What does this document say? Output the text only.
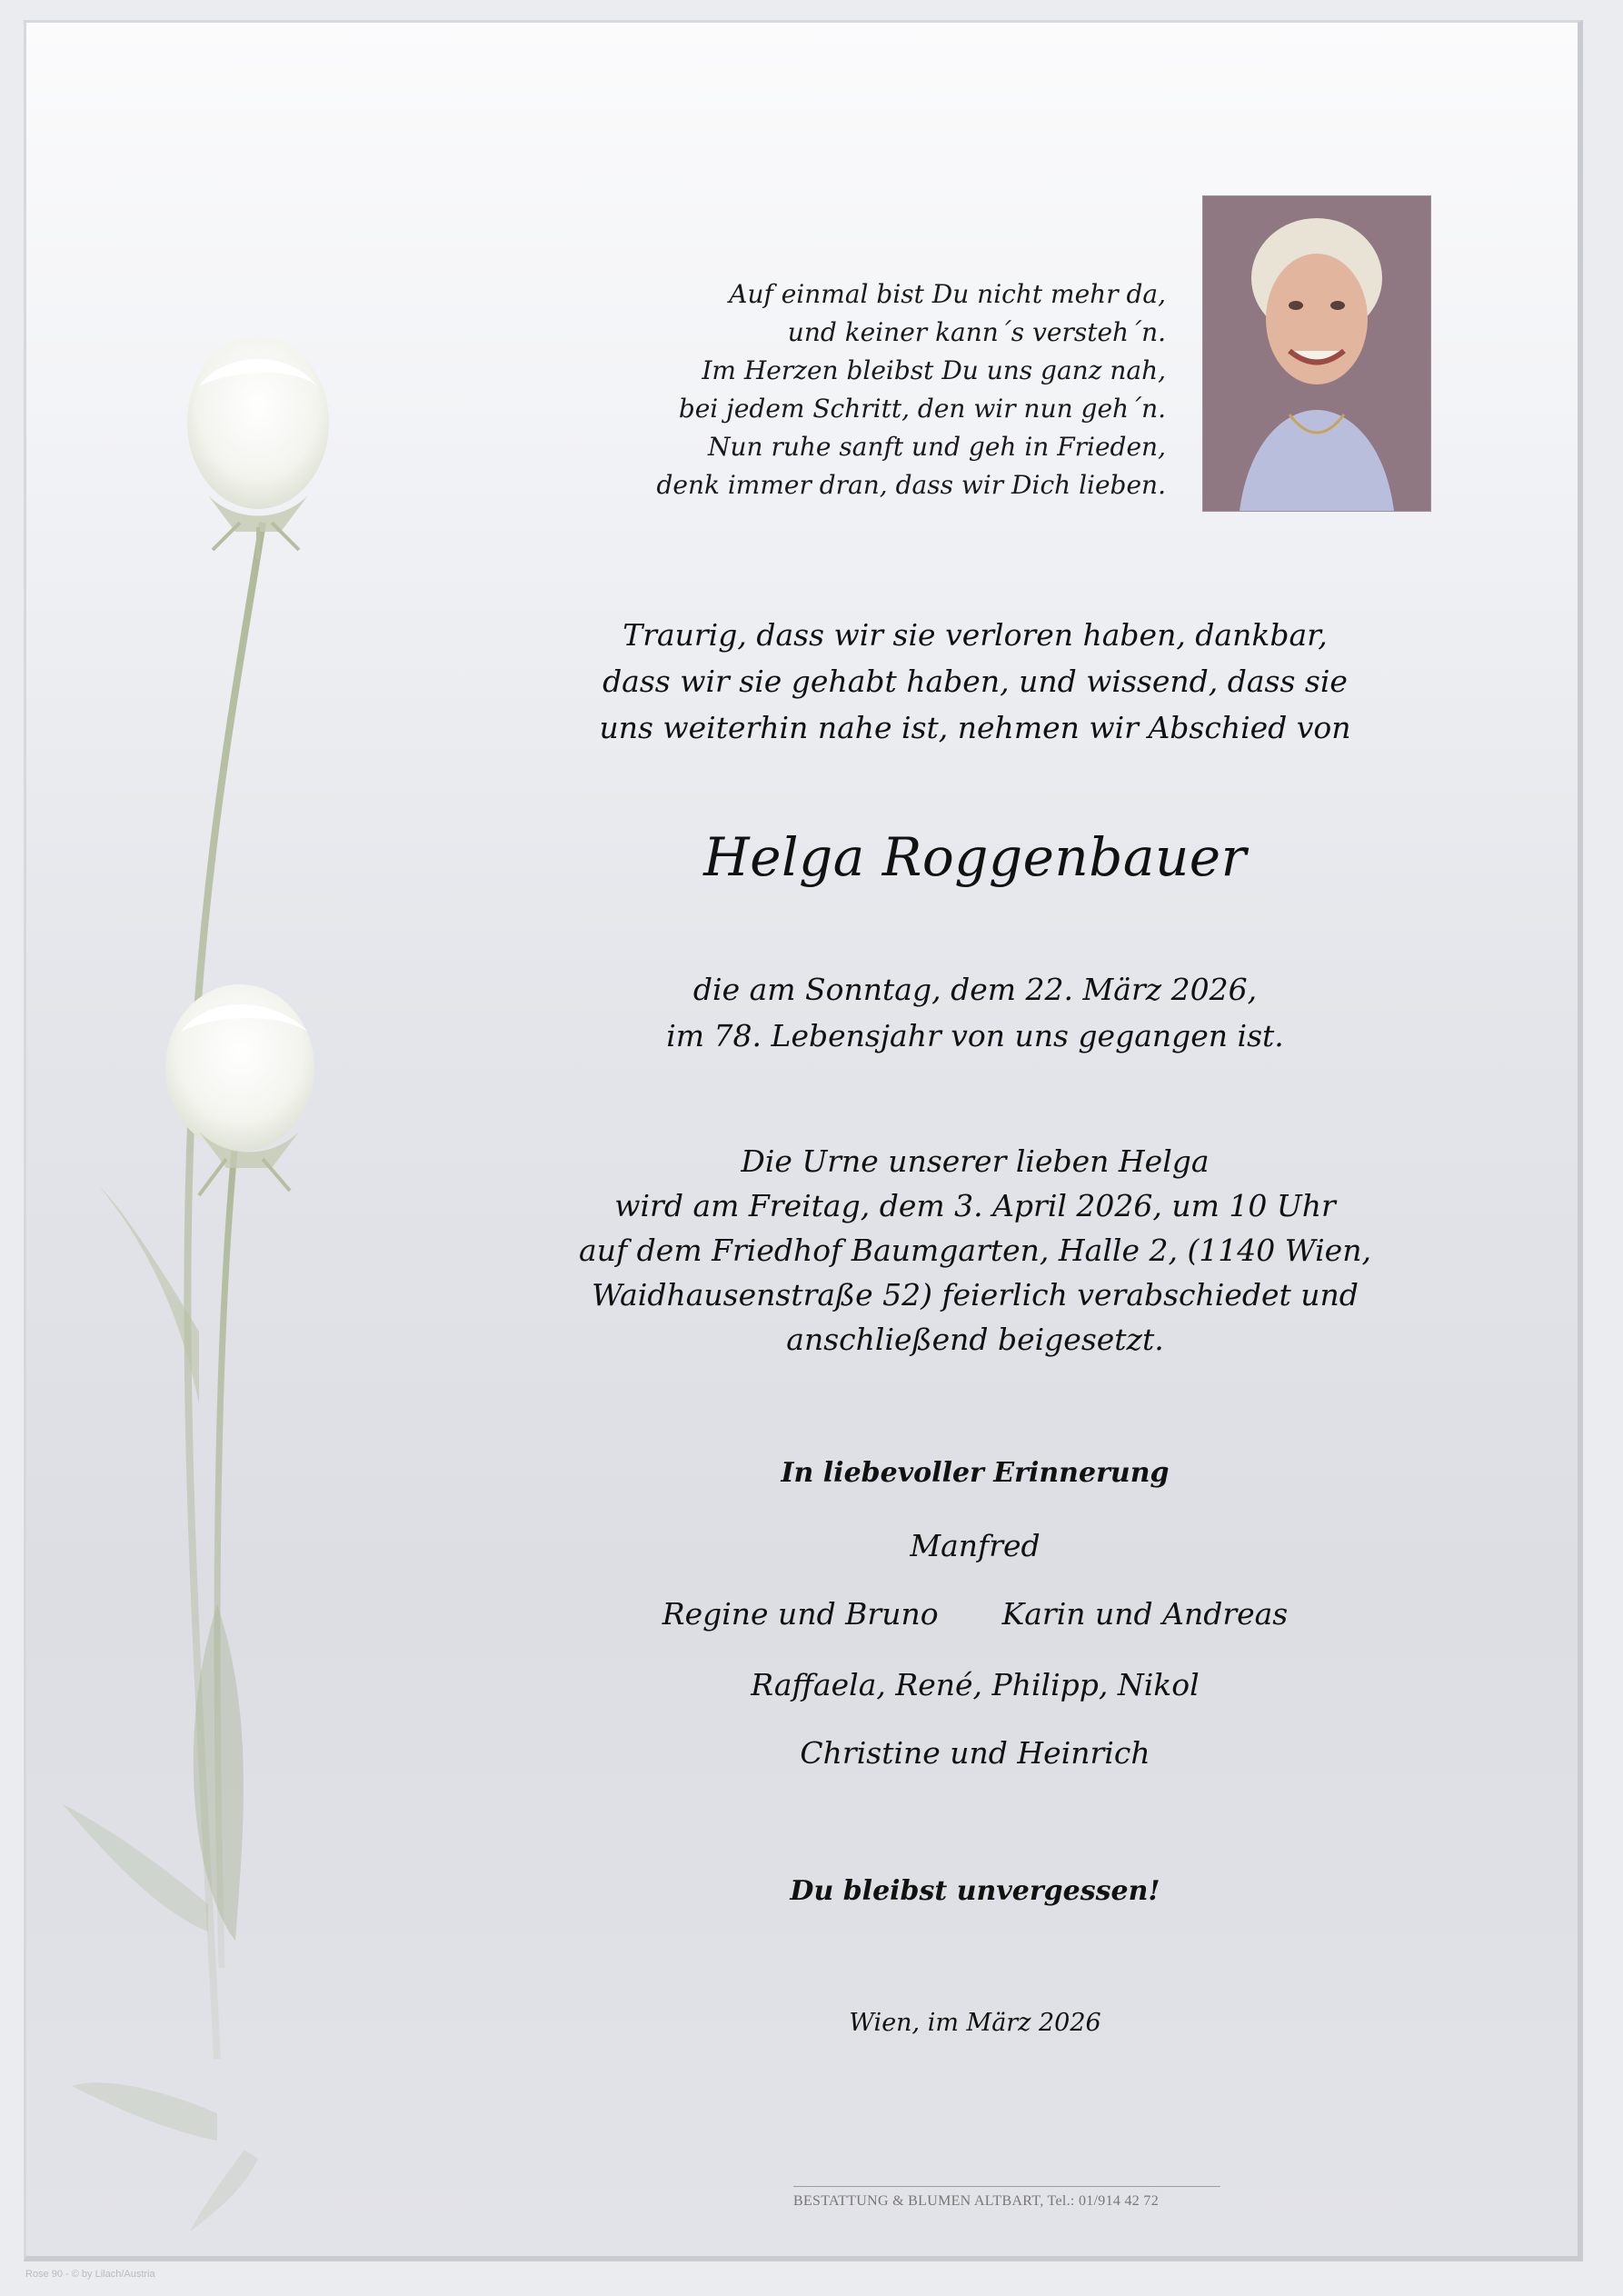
Auf einmal bist Du nicht mehr da,
und keiner kann´s versteh´n.
Im Herzen bleibst Du uns ganz nah,
bei jedem Schritt, den wir nun geh´n.
Nun ruhe sanft und geh in Frieden,
denk immer dran, dass wir Dich lieben.
Traurig, dass wir sie verloren haben, dankbar,
dass wir sie gehabt haben, und wissend, dass sie
uns weiterhin nahe ist, nehmen wir Abschied von
Helga Roggenbauer
die am Sonntag, dem 22. März 2026,
im 78. Lebensjahr von uns gegangen ist.
Die Urne unserer lieben Helga
wird am Freitag, dem 3. April 2026, um 10 Uhr
auf dem Friedhof Baumgarten, Halle 2, (1140 Wien,
Waidhausenstraße 52) feierlich verabschiedet und
anschließend beigesetzt.
In liebevoller Erinnerung
Manfred
Regine und Bruno Karin und Andreas
Raffaela, René, Philipp, Nikol
Christine und Heinrich
Du bleibst unvergessen!
Wien, im März 2026
BESTATTUNG & BLUMEN ALTBART, Tel.: 01/914 42 72
Rose 90 - © by Lilach/Austria
